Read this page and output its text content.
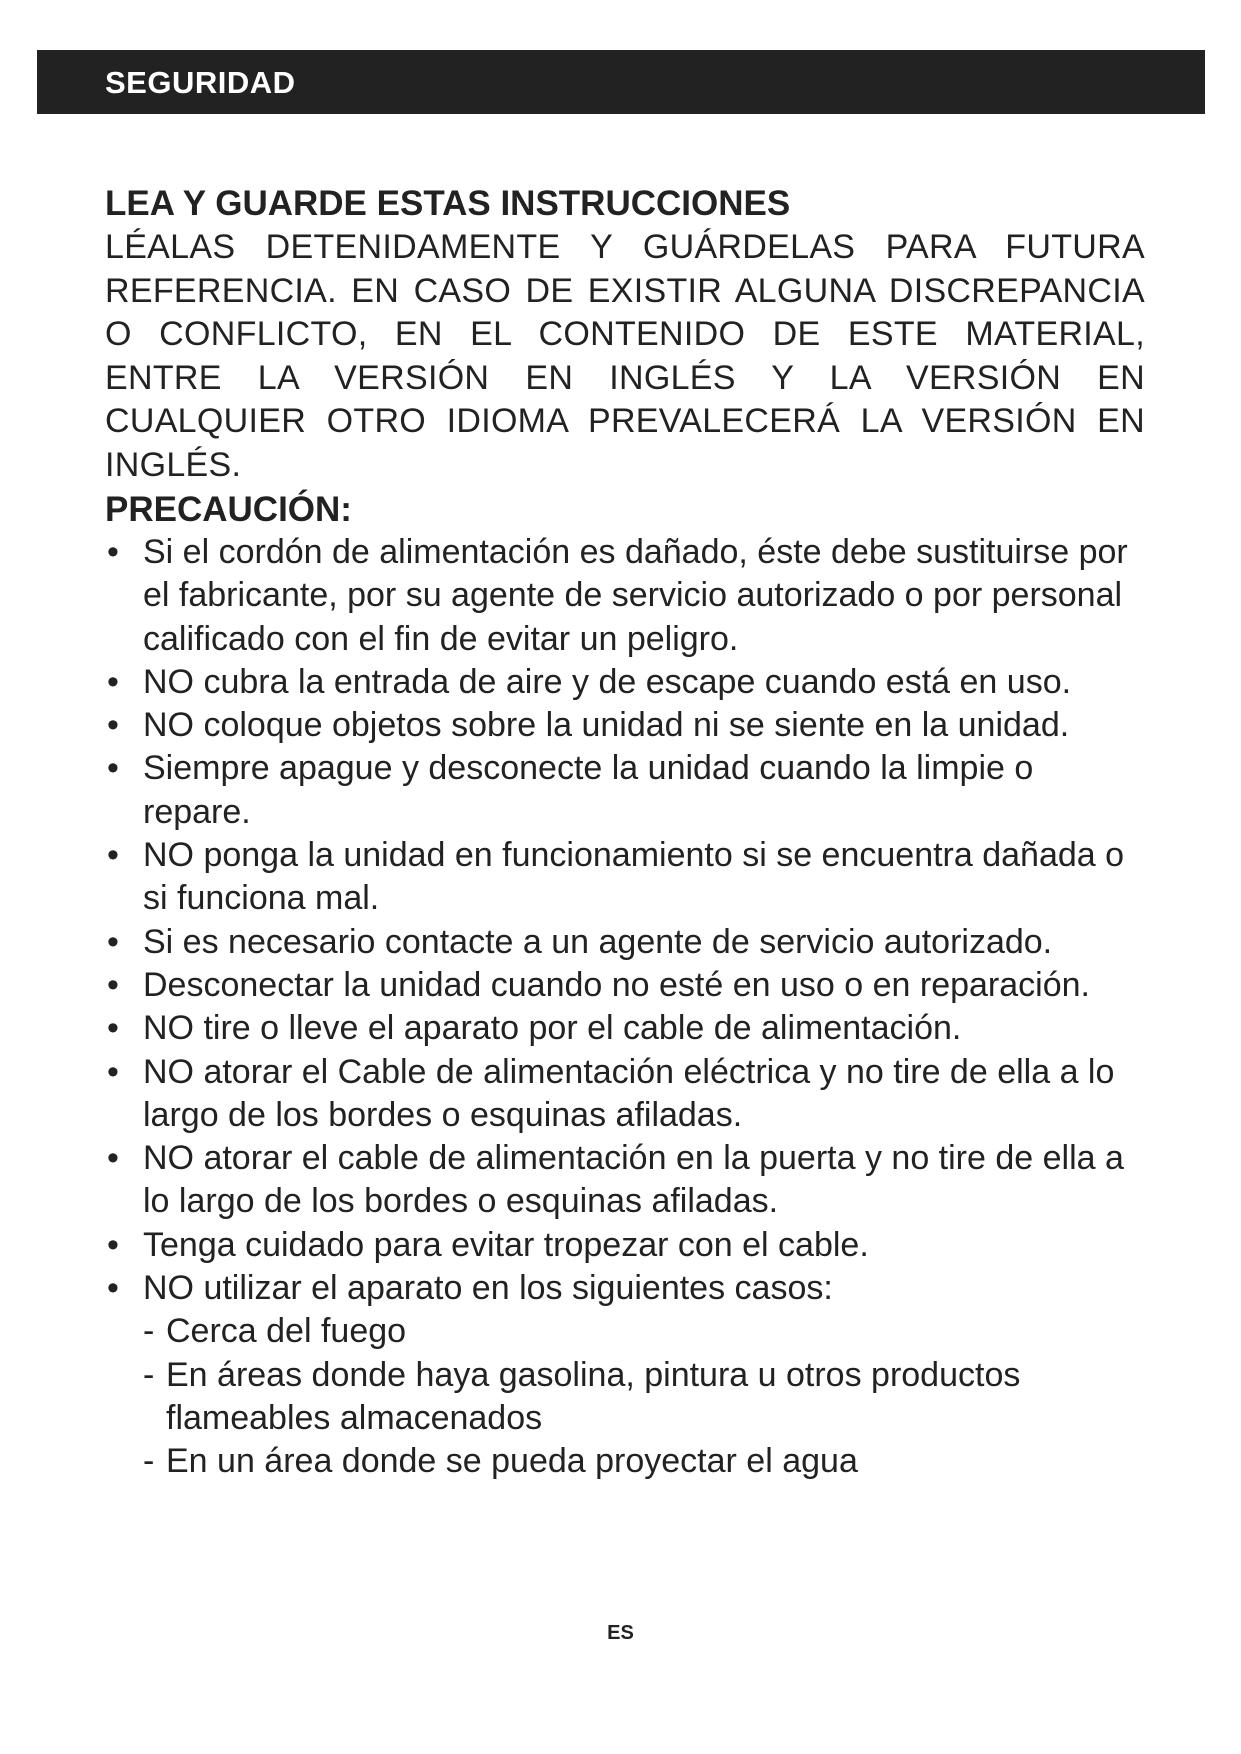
SEGURIDAD
LEA Y GUARDE ESTAS INSTRUCCIONES

LÉALAS DETENIDAMENTE Y GUÁRDELAS PARA FUTURA REFERENCIA. EN CASO DE EXISTIR ALGUNA DISCREPANCIA O CONFLICTO, EN EL CONTENIDO DE ESTE MATERIAL, ENTRE LA VERSIÓN EN INGLÉS Y LA VERSIÓN EN CUALQUIER OTRO IDIOMA PREVALECERÁ LA VERSIÓN EN INGLÉS.

PRECAUCIÓN:
• Si el cordón de alimentación es dañado, éste debe sustituirse por el fabricante, por su agente de servicio autorizado o por personal calificado con el fin de evitar un peligro.
• NO cubra la entrada de aire y de escape cuando está en uso.
• NO coloque objetos sobre la unidad ni se siente en la unidad.
• Siempre apague y desconecte la unidad cuando la limpie o repare.
• NO ponga la unidad en funcionamiento si se encuentra dañada o si funciona mal.
• Si es necesario contacte a un agente de servicio autorizado.
• Desconectar la unidad cuando no esté en uso o en reparación.
• NO tire o lleve el aparato por el cable de alimentación.
• NO atorar el Cable de alimentación eléctrica y no tire de ella a lo largo de los bordes o esquinas afiladas.
• NO atorar el cable de alimentación en la puerta y no tire de ella a lo largo de los bordes o esquinas afiladas.
• Tenga cuidado para evitar tropezar con el cable.
• NO utilizar el aparato en los siguientes casos:
- Cerca del fuego
- En áreas donde haya gasolina, pintura u otros productos flameables almacenados
- En un área donde se pueda proyectar el agua
ES
